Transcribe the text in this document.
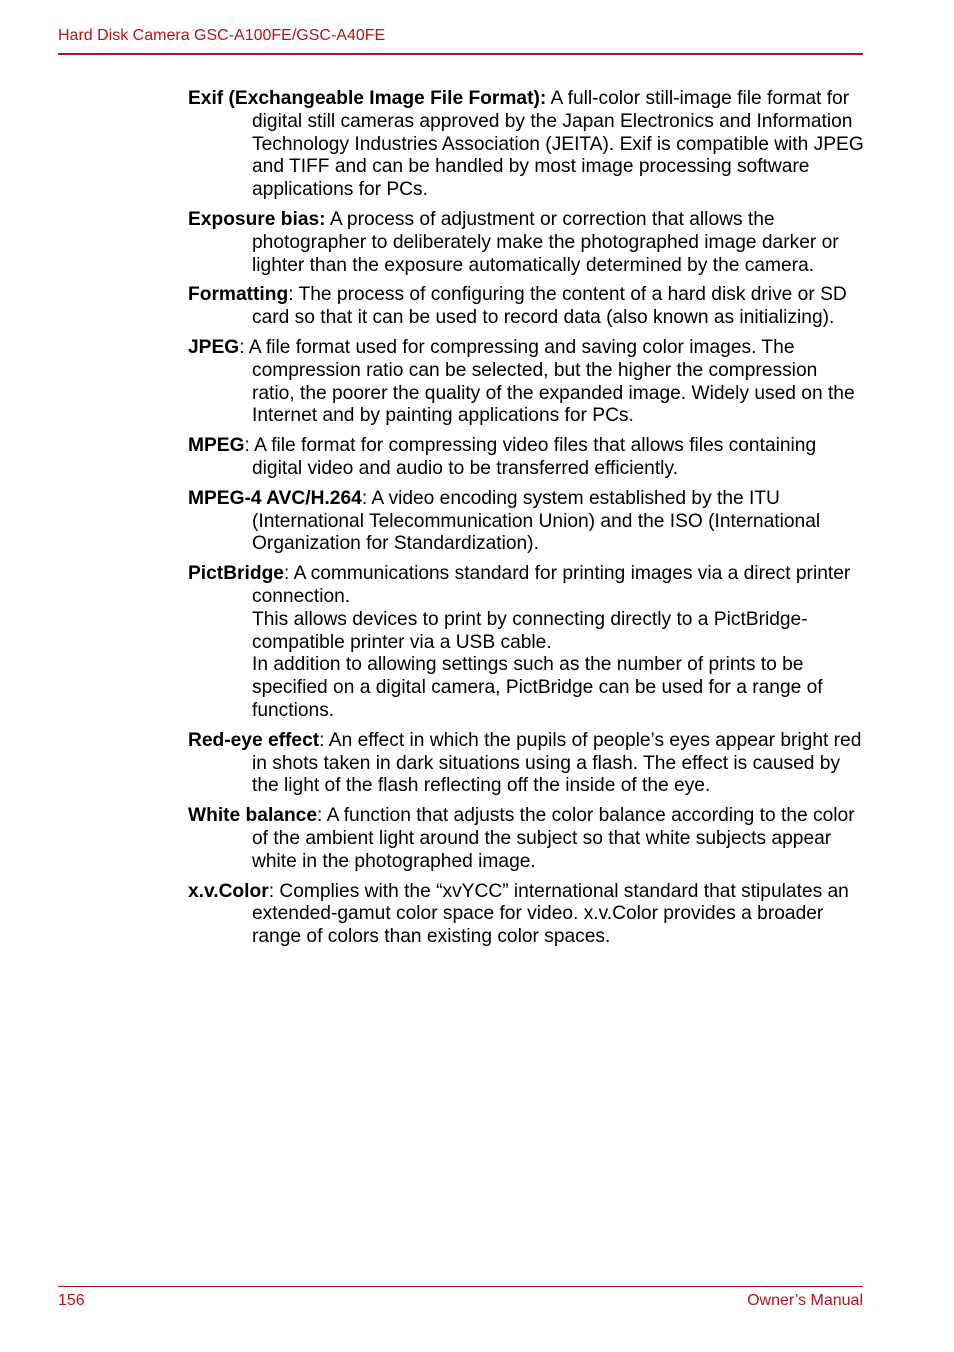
Hard Disk Camera GSC-A100FE/GSC-A40FE

Exif (Exchangeable Image File Format): A full-color still-image file format for digital still cameras approved by the Japan Electronics and Information Technology Industries Association (JEITA). Exif is compatible with JPEG and TIFF and can be handled by most image processing software applications for PCs.

Exposure bias: A process of adjustment or correction that allows the photographer to deliberately make the photographed image darker or lighter than the exposure automatically determined by the camera.

Formatting: The process of configuring the content of a hard disk drive or SD card so that it can be used to record data (also known as initializing).

JPEG: A file format used for compressing and saving color images. The compression ratio can be selected, but the higher the compression ratio, the poorer the quality of the expanded image. Widely used on the Internet and by painting applications for PCs.

MPEG: A file format for compressing video files that allows files containing digital video and audio to be transferred efficiently.

MPEG-4 AVC/H.264: A video encoding system established by the ITU (International Telecommunication Union) and the ISO (International Organization for Standardization).

PictBridge: A communications standard for printing images via a direct printer connection.
This allows devices to print by connecting directly to a PictBridge-compatible printer via a USB cable.
In addition to allowing settings such as the number of prints to be specified on a digital camera, PictBridge can be used for a range of functions.

Red-eye effect: An effect in which the pupils of people’s eyes appear bright red in shots taken in dark situations using a flash. The effect is caused by the light of the flash reflecting off the inside of the eye.

White balance: A function that adjusts the color balance according to the color of the ambient light around the subject so that white subjects appear white in the photographed image.

x.v.Color: Complies with the “xvYCC” international standard that stipulates an extended-gamut color space for video. x.v.Color provides a broader range of colors than existing color spaces.

156	Owner’s Manual
